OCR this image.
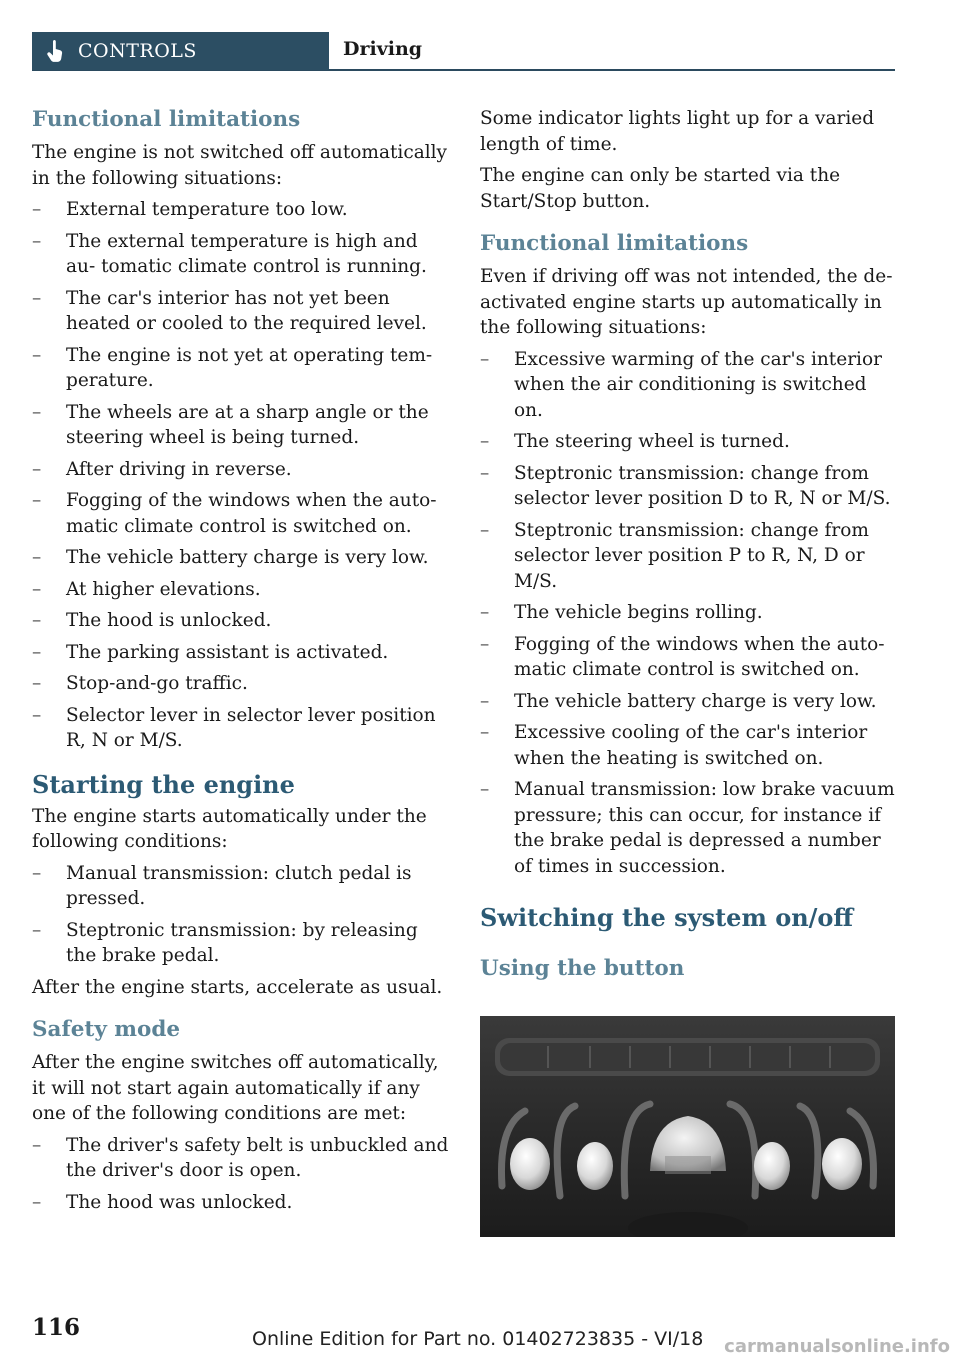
CONTROLS	Driving
Functional limitations

The engine is not switched off automatically in the following situations:

– External temperature too low.
– The external temperature is high and au‐ tomatic climate control is running.
– The car's interior has not yet been heated or cooled to the required level.
– The engine is not yet at operating tem‐ perature.
– The wheels are at a sharp angle or the steering wheel is being turned.
– After driving in reverse.
– Fogging of the windows when the auto‐ matic climate control is switched on.
– The vehicle battery charge is very low.
– At higher elevations.
– The hood is unlocked.
– The parking assistant is activated.
– Stop-and-go traffic.
– Selector lever in selector lever position R, N or M/S.
Starting the engine

The engine starts automatically under the following conditions:

– Manual transmission: clutch pedal is pressed.
– Steptronic transmission: by releasing the brake pedal.

After the engine starts, accelerate as usual.

Safety mode

After the engine switches off automatically, it will not start again automatically if any one of the following conditions are met:

– The driver's safety belt is unbuckled and the driver's door is open.
– The hood was unlocked.

Some indicator lights light up for a varied length of time.

The engine can only be started via the Start/Stop button.

Functional limitations

Even if driving off was not intended, the de‐ activated engine starts up automatically in the following situations:

– Excessive warming of the car's interior when the air conditioning is switched on.
– The steering wheel is turned.
– Steptronic transmission: change from selector lever position D to R, N or M/S.
– Steptronic transmission: change from selector lever position P to R, N, D or M/S.
– The vehicle begins rolling.
– Fogging of the windows when the auto‐ matic climate control is switched on.
– The vehicle battery charge is very low.
– Excessive cooling of the car's interior when the heating is switched on.
– Manual transmission: low brake vacuum pressure; this can occur, for instance if the brake pedal is depressed a number of times in succession.
Switching the system on/off
Using the button
116	Online Edition for Part no. 01402723835 - VI/18 carmanualsonline.info
